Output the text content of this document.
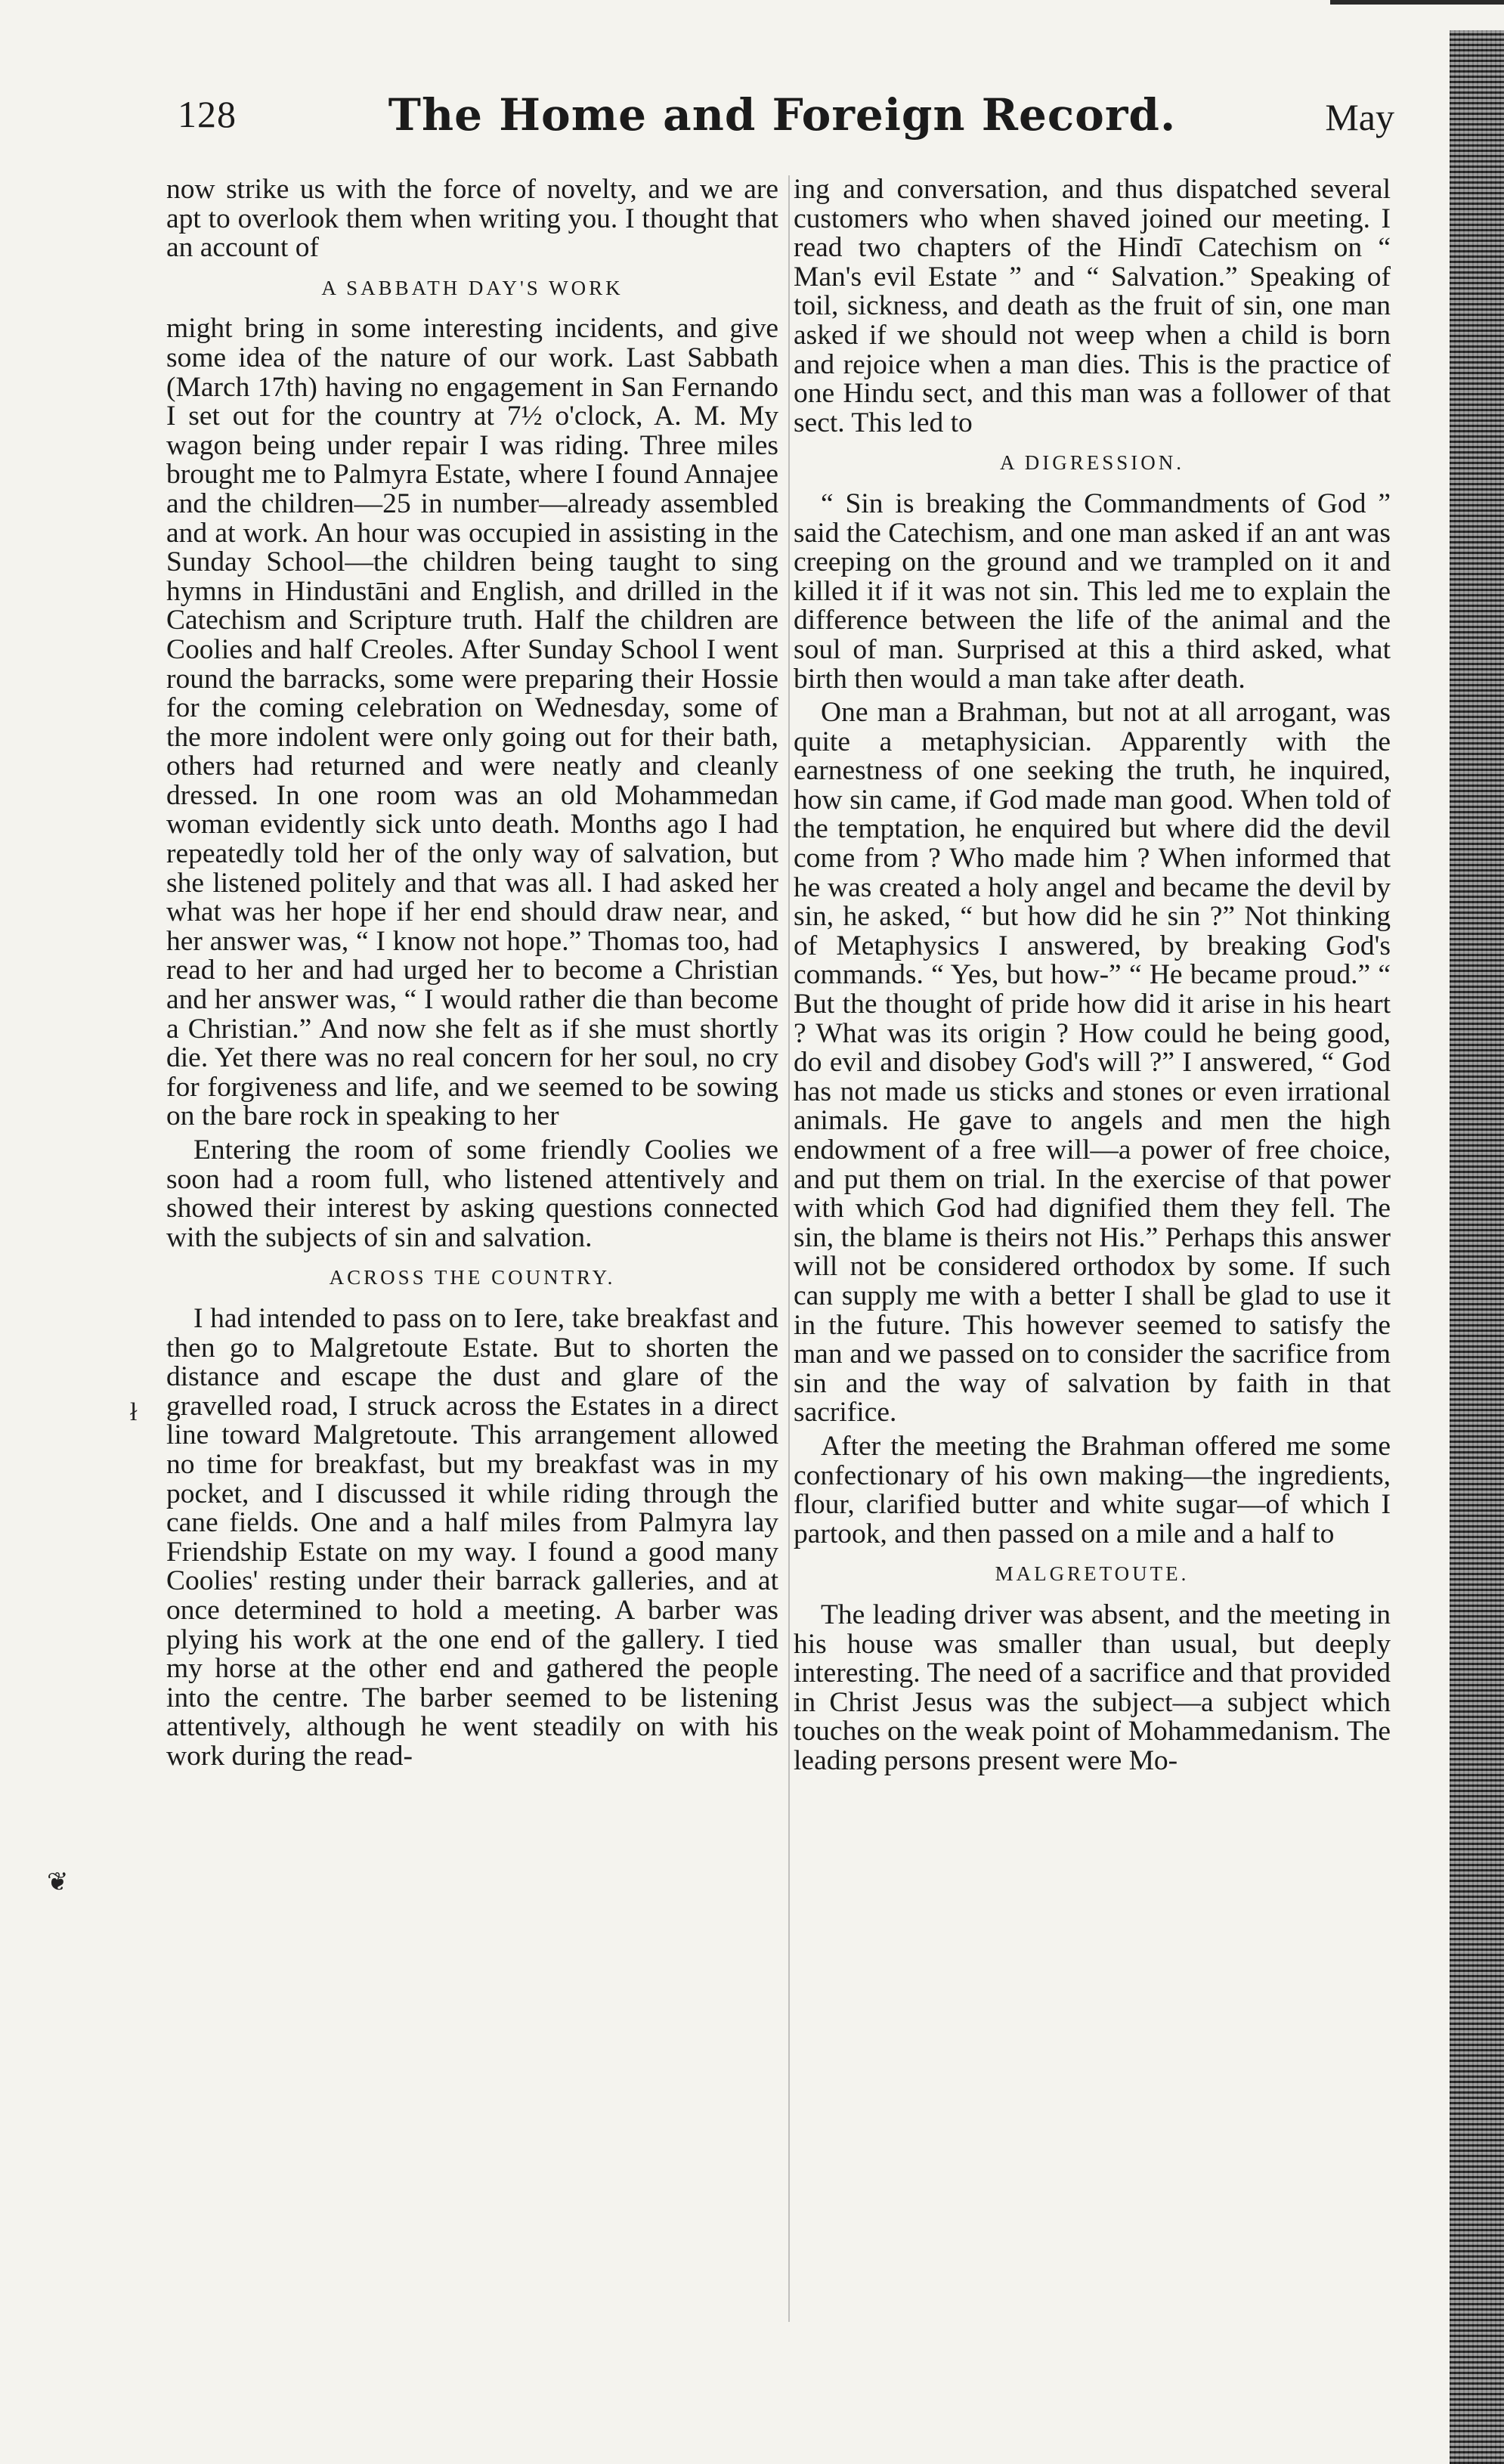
128	The Home and Foreign Record.	May

now strike us with the force of novelty, and we are apt to overlook them when writing you. I thought that an account of

A SABBATH DAY'S WORK

might bring in some interesting incidents, and give some idea of the nature of our work. Last Sabbath (March 17th) having no engagement in San Fernando I set out for the country at 7½ o'clock, A. M. My wagon being under repair I was riding. Three miles brought me to Palmyra Estate, where I found Annajee and the children—25 in number—already assembled and at work. An hour was occupied in assisting in the Sunday School—the children being taught to sing hymns in Hindustāni and English, and drilled in the Catechism and Scripture truth. Half the children are Coolies and half Creoles. After Sunday School I went round the barracks, some were preparing their Hossie for the coming celebration on Wednesday, some of the more indolent were only going out for their bath, others had returned and were neatly and cleanly dressed. In one room was an old Mohammedan woman evidently sick unto death. Months ago I had repeatedly told her of the only way of salvation, but she listened politely and that was all. I had asked her what was her hope if her end should draw near, and her answer was, “ I know not hope.” Thomas too, had read to her and had urged her to become a Christian and her answer was, “ I would rather die than become a Christian.” And now she felt as if she must shortly die. Yet there was no real concern for her soul, no cry for forgiveness and life, and we seemed to be sowing on the bare rock in speaking to her

Entering the room of some friendly Coolies we soon had a room full, who listened attentively and showed their interest by asking questions connected with the subjects of sin and salvation.

ACROSS THE COUNTRY.

I had intended to pass on to Iere, take breakfast and then go to Malgretoute Estate. But to shorten the distance and escape the dust and glare of the gravelled road, I struck across the Estates in a direct line toward Malgretoute. This arrangement allowed no time for breakfast, but my breakfast was in my pocket, and I discussed it while riding through the cane fields. One and a half miles from Palmyra lay Friendship Estate on my way. I found a good many Coolies' resting under their barrack galleries, and at once determined to hold a meeting. A barber was plying his work at the one end of the gallery. I tied my horse at the other end and gathered the people into the centre. The barber seemed to be listening attentively, although he went steadily on with his work during the read-

ing and conversation, and thus dispatched several customers who when shaved joined our meeting. I read two chapters of the Hindī Catechism on “ Man's evil Estate ” and “ Salvation.” Speaking of toil, sickness, and death as the fruit of sin, one man asked if we should not weep when a child is born and rejoice when a man dies. This is the practice of one Hindu sect, and this man was a follower of that sect. This led to

A DIGRESSION.

“ Sin is breaking the Commandments of God ” said the Catechism, and one man asked if an ant was creeping on the ground and we trampled on it and killed it if it was not sin. This led me to explain the difference between the life of the animal and the soul of man. Surprised at this a third asked, what birth then would a man take after death.

One man a Brahman, but not at all arrogant, was quite a metaphysician. Apparently with the earnestness of one seeking the truth, he inquired, how sin came, if God made man good. When told of the temptation, he enquired but where did the devil come from ? Who made him ? When informed that he was created a holy angel and became the devil by sin, he asked, “ but how did he sin ?” Not thinking of Metaphysics I answered, by breaking God's commands. “ Yes, but how-” “ He became proud.” “ But the thought of pride how did it arise in his heart ? What was its origin ? How could he being good, do evil and disobey God's will ?” I answered, “ God has not made us sticks and stones or even irrational animals. He gave to angels and men the high endowment of a free will—a power of free choice, and put them on trial. In the exercise of that power with which God had dignified them they fell. The sin, the blame is theirs not His.” Perhaps this answer will not be considered orthodox by some. If such can supply me with a better I shall be glad to use it in the future. This however seemed to satisfy the man and we passed on to consider the sacrifice from sin and the way of salvation by faith in that sacrifice.

After the meeting the Brahman offered me some confectionary of his own making—the ingredients, flour, clarified butter and white sugar—of which I partook, and then passed on a mile and a half to

MALGRETOUTE.

The leading driver was absent, and the meeting in his house was smaller than usual, but deeply interesting. The need of a sacrifice and that provided in Christ Jesus was the subject—a subject which touches on the weak point of Mohammedanism. The leading persons present were Mo-

ł
❦
